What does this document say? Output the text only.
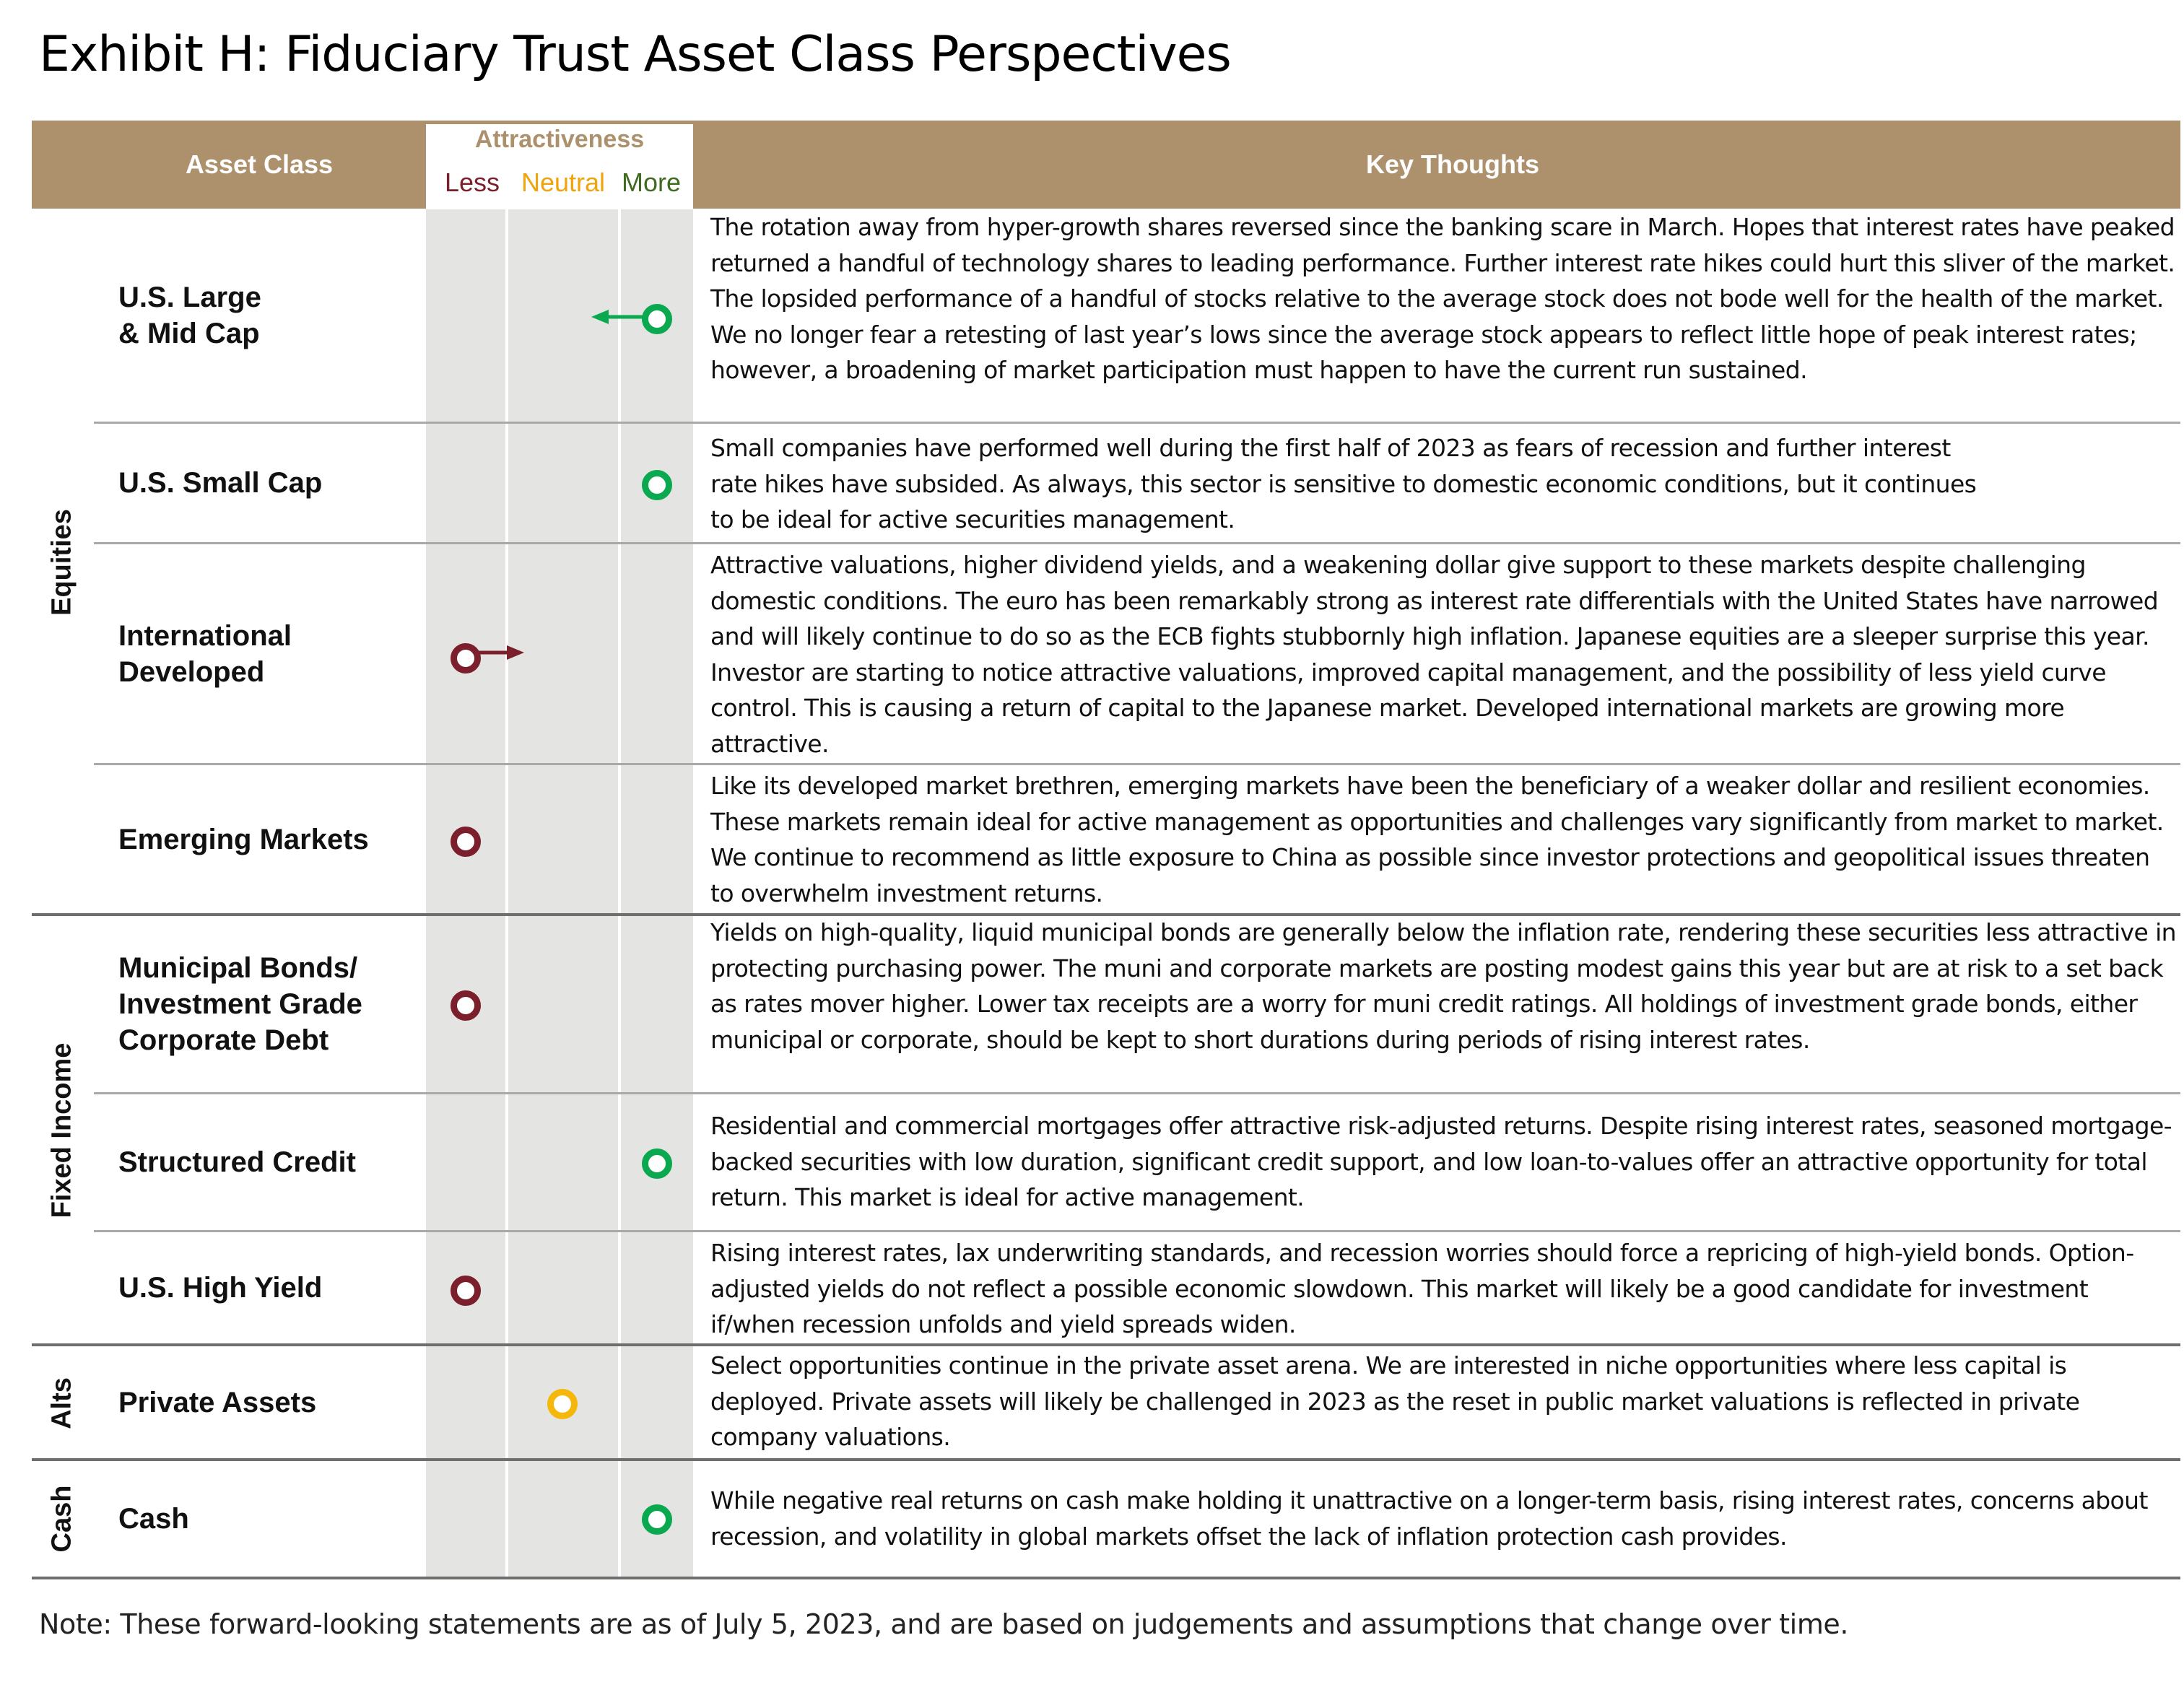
Exhibit H: Fiduciary Trust Asset Class Perspectives
Asset Class	Key Thoughts
Attractiveness
Less Neutral More
Equities
Fixed Income
Alts
Cash
U.S. Large
& Mid Cap
The rotation away from hyper-growth shares reversed since the banking scare in March. Hopes that interest rates have peaked returned a handful of technology shares to leading performance. Further interest rate hikes could hurt this sliver of the market. The lopsided performance of a handful of stocks relative to the average stock does not bode well for the health of the market. We no longer fear a retesting of last year’s lows since the average stock appears to reflect little hope of peak interest rates; however, a broadening of market participation must happen to have the current run sustained.
U.S. Small Cap
Small companies have performed well during the first half of 2023 as fears of recession and further interest
rate hikes have subsided. As always, this sector is sensitive to domestic economic conditions, but it continues
to be ideal for active securities management.
International
Developed
Attractive valuations, higher dividend yields, and a weakening dollar give support to these markets despite challenging domestic conditions. The euro has been remarkably strong as interest rate differentials with the United States have narrowed and will likely continue to do so as the ECB fights stubbornly high inflation. Japanese equities are a sleeper surprise this year. Investor are starting to notice attractive valuations, improved capital management, and the possibility of less yield curve control. This is causing a return of capital to the Japanese market. Developed international markets are growing more attractive.
Emerging Markets
Like its developed market brethren, emerging markets have been the beneficiary of a weaker dollar and resilient economies. These markets remain ideal for active management as opportunities and challenges vary significantly from market to market. We continue to recommend as little exposure to China as possible since investor protections and geopolitical issues threaten to overwhelm investment returns.
Municipal Bonds/
Investment Grade
Corporate Debt
Yields on high-quality, liquid municipal bonds are generally below the inflation rate, rendering these securities less attractive in protecting purchasing power. The muni and corporate markets are posting modest gains this year but are at risk to a set back as rates mover higher. Lower tax receipts are a worry for muni credit ratings. All holdings of investment grade bonds, either municipal or corporate, should be kept to short durations during periods of rising interest rates.
Structured Credit
Residential and commercial mortgages offer attractive risk-adjusted returns. Despite rising interest rates, seasoned mortgage-backed securities with low duration, significant credit support, and low loan-to-values offer an attractive opportunity for total return. This market is ideal for active management.
U.S. High Yield
Rising interest rates, lax underwriting standards, and recession worries should force a repricing of high-yield bonds. Option-adjusted yields do not reflect a possible economic slowdown. This market will likely be a good candidate for investment if/when recession unfolds and yield spreads widen.
Private Assets
Select opportunities continue in the private asset arena. We are interested in niche opportunities where less capital is deployed. Private assets will likely be challenged in 2023 as the reset in public market valuations is reflected in private company valuations.
Cash
While negative real returns on cash make holding it unattractive on a longer-term basis, rising interest rates, concerns about recession, and volatility in global markets offset the lack of inflation protection cash provides.
Note: These forward-looking statements are as of July 5, 2023, and are based on judgements and assumptions that change over time.
